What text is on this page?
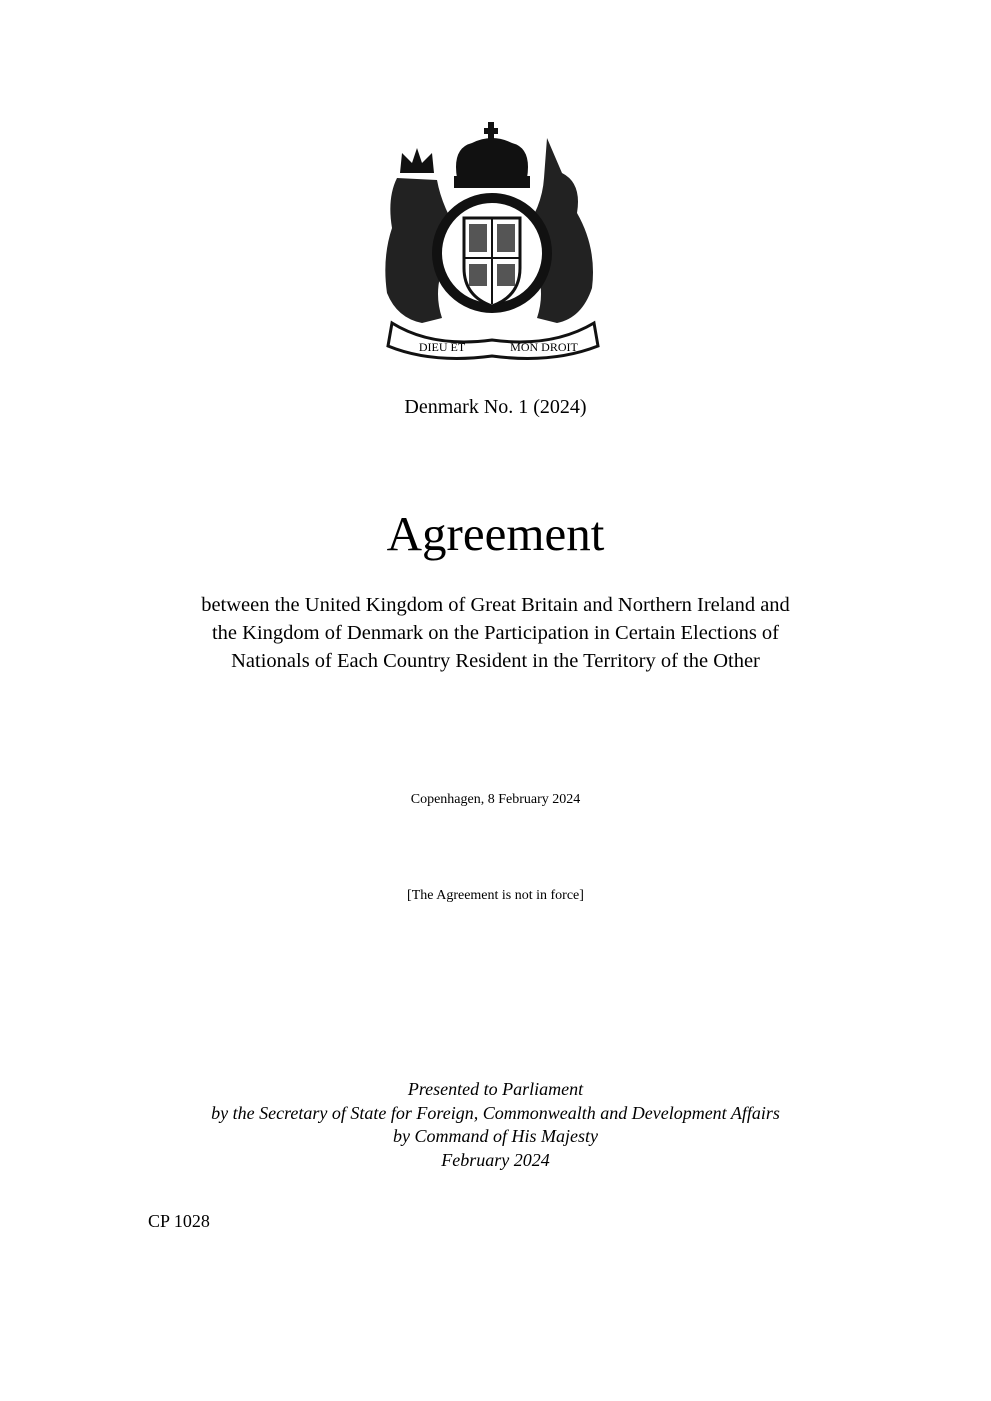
DIEU ET	MON DROIT
Denmark No. 1 (2024)
Agreement
between the United Kingdom of Great Britain and Northern Ireland and
the Kingdom of Denmark on the Participation in Certain Elections of
Nationals of Each Country Resident in the Territory of the Other
Copenhagen, 8 February 2024
[The Agreement is not in force]
Presented to Parliament
by the Secretary of State for Foreign, Commonwealth and Development Affairs
by Command of His Majesty
February 2024
CP 1028
